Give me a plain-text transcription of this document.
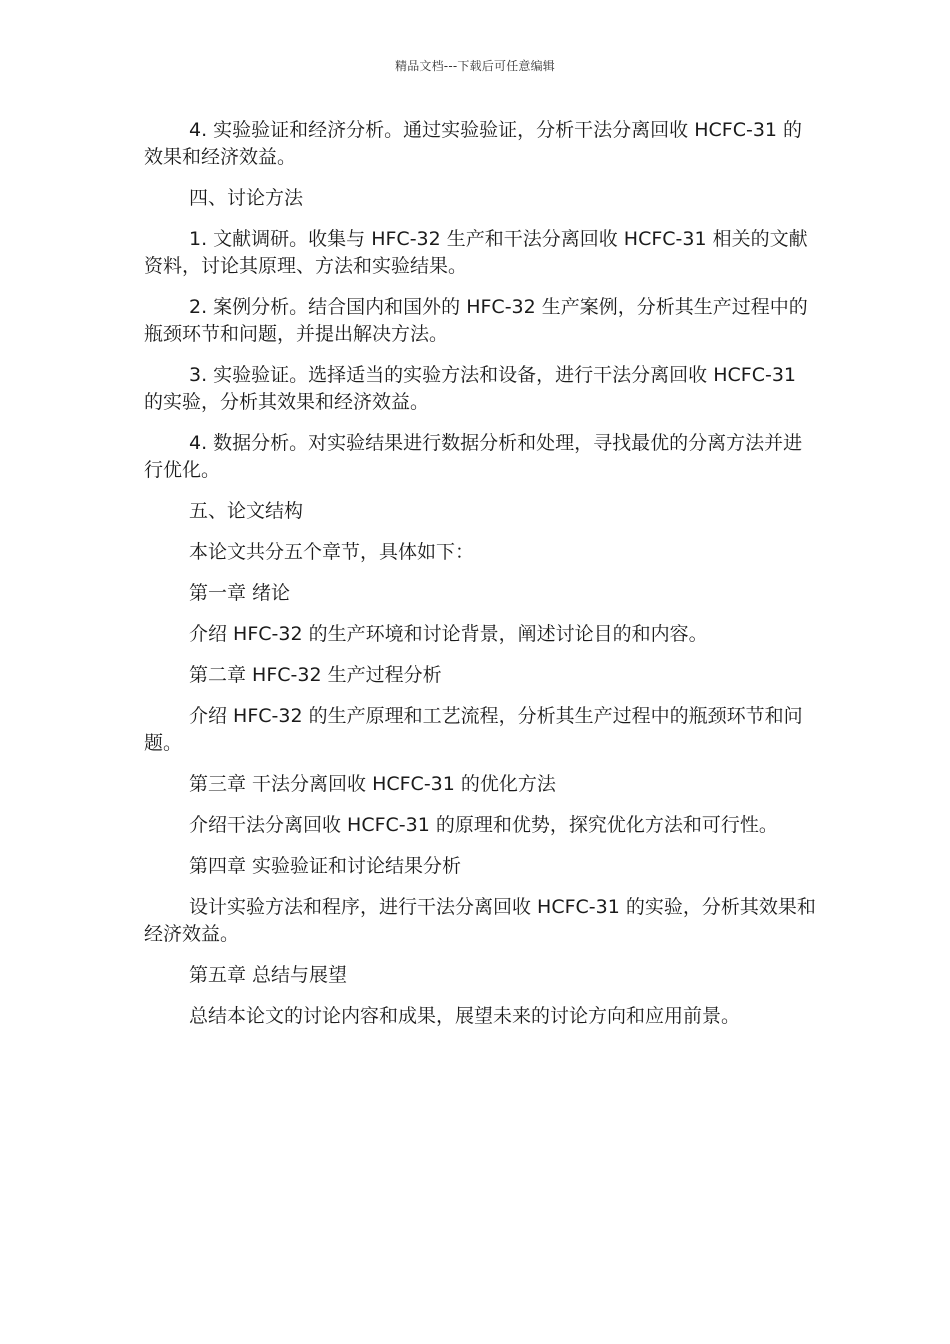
精品文档---下载后可任意编辑

4. 实验验证和经济分析。通过实验验证，分析干法分离回收 HCFC-31 的效果和经济效益。

四、讨论方法

1. 文献调研。收集与 HFC-32 生产和干法分离回收 HCFC-31 相关的文献资料，讨论其原理、方法和实验结果。

2. 案例分析。结合国内和国外的 HFC-32 生产案例，分析其生产过程中的瓶颈环节和问题，并提出解决方法。

3. 实验验证。选择适当的实验方法和设备，进行干法分离回收 HCFC-31 的实验，分析其效果和经济效益。

4. 数据分析。对实验结果进行数据分析和处理，寻找最优的分离方法并进行优化。

五、论文结构

本论文共分五个章节，具体如下：

第一章 绪论

介绍 HFC-32 的生产环境和讨论背景，阐述讨论目的和内容。

第二章 HFC-32 生产过程分析

介绍 HFC-32 的生产原理和工艺流程，分析其生产过程中的瓶颈环节和问题。

第三章 干法分离回收 HCFC-31 的优化方法

介绍干法分离回收 HCFC-31 的原理和优势，探究优化方法和可行性。

第四章 实验验证和讨论结果分析

设计实验方法和程序，进行干法分离回收 HCFC-31 的实验，分析其效果和经济效益。

第五章 总结与展望

总结本论文的讨论内容和成果，展望未来的讨论方向和应用前景。
